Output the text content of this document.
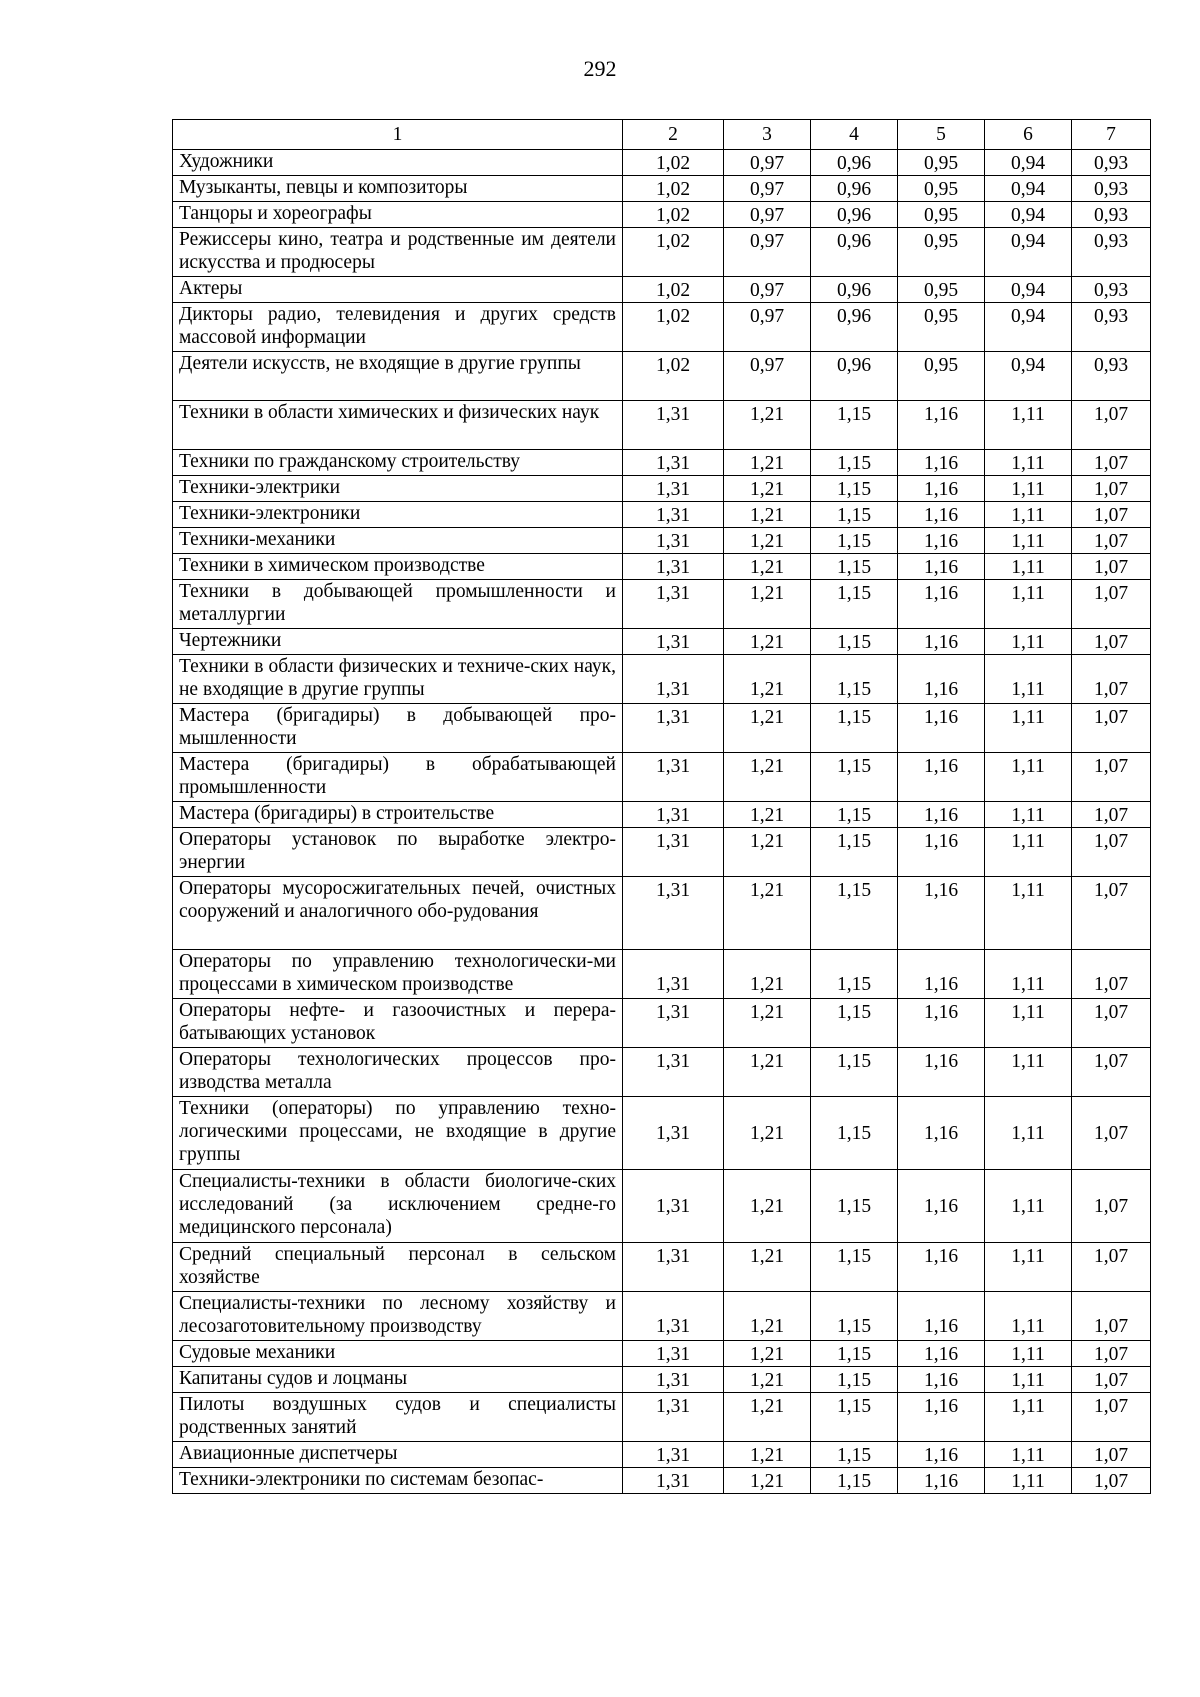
292
1	2	3	4	5	6	7
Художники	1,02	0,97	0,96	0,95	0,94	0,93
Музыканты, певцы и композиторы	1,02	0,97	0,96	0,95	0,94	0,93
Танцоры и хореографы	1,02	0,97	0,96	0,95	0,94	0,93
Режиссеры кино, театра и родственные им деятели искусства и продюсеры	1,02	0,97	0,96	0,95	0,94	0,93
Актеры	1,02	0,97	0,96	0,95	0,94	0,93
Дикторы радио, телевидения и других средств массовой информации	1,02	0,97	0,96	0,95	0,94	0,93
Деятели искусств, не входящие в другие группы	1,02	0,97	0,96	0,95	0,94	0,93
Техники в области химических и физических наук	1,31	1,21	1,15	1,16	1,11	1,07
Техники по гражданскому строительству	1,31	1,21	1,15	1,16	1,11	1,07
Техники-электрики	1,31	1,21	1,15	1,16	1,11	1,07
Техники-электроники	1,31	1,21	1,15	1,16	1,11	1,07
Техники-механики	1,31	1,21	1,15	1,16	1,11	1,07
Техники в химическом производстве	1,31	1,21	1,15	1,16	1,11	1,07
Техники в добывающей промышленности и металлургии	1,31	1,21	1,15	1,16	1,11	1,07
Чертежники	1,31	1,21	1,15	1,16	1,11	1,07
Техники в области физических и техниче-ских наук, не входящие в другие группы	1,31	1,21	1,15	1,16	1,11	1,07
Мастера (бригадиры) в добывающей про-мышленности	1,31	1,21	1,15	1,16	1,11	1,07
Мастера (бригадиры) в обрабатывающей промышленности	1,31	1,21	1,15	1,16	1,11	1,07
Мастера (бригадиры) в строительстве	1,31	1,21	1,15	1,16	1,11	1,07
Операторы установок по выработке электро-энергии	1,31	1,21	1,15	1,16	1,11	1,07
Операторы мусоросжигательных печей, очистных сооружений и аналогичного обо-рудования	1,31	1,21	1,15	1,16	1,11	1,07
Операторы по управлению технологически-ми процессами в химическом производстве	1,31	1,21	1,15	1,16	1,11	1,07
Операторы нефте- и газоочистных и перера-батывающих установок	1,31	1,21	1,15	1,16	1,11	1,07
Операторы технологических процессов про-изводства металла	1,31	1,21	1,15	1,16	1,11	1,07
Техники (операторы) по управлению техно-логическими процессами, не входящие в другие группы	1,31	1,21	1,15	1,16	1,11	1,07
Специалисты-техники в области биологиче-ских исследований (за исключением средне-го медицинского персонала)	1,31	1,21	1,15	1,16	1,11	1,07
Средний специальный персонал в сельском хозяйстве	1,31	1,21	1,15	1,16	1,11	1,07
Специалисты-техники по лесному хозяйству и лесозаготовительному производству	1,31	1,21	1,15	1,16	1,11	1,07
Судовые механики	1,31	1,21	1,15	1,16	1,11	1,07
Капитаны судов и лоцманы	1,31	1,21	1,15	1,16	1,11	1,07
Пилоты воздушных судов и специалисты родственных занятий	1,31	1,21	1,15	1,16	1,11	1,07
Авиационные диспетчеры	1,31	1,21	1,15	1,16	1,11	1,07
Техники-электроники по системам безопас-	1,31	1,21	1,15	1,16	1,11	1,07
